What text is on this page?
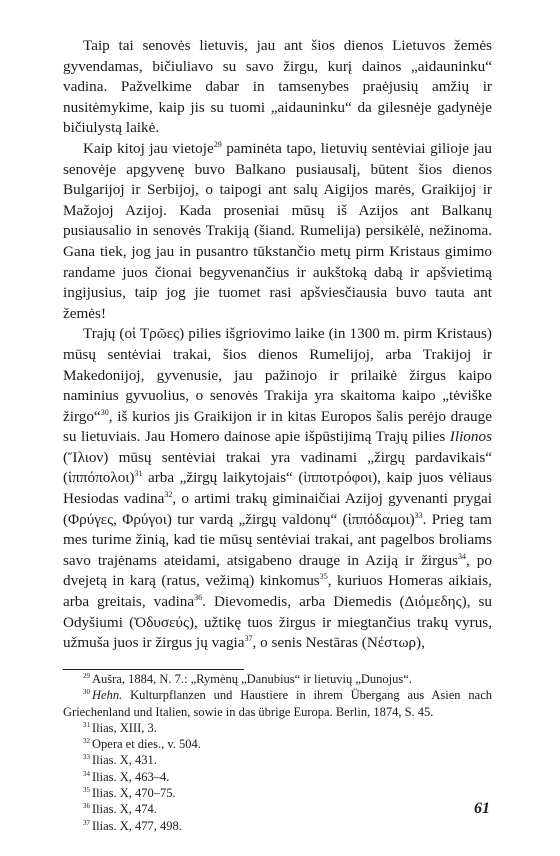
Taip tai senovės lietuvis, jau ant šios dienos Lietuvos žemės gyvendamas, bičiuliavo su savo žirgu, kurį dainos „aidauninku“ vadina. Pažvelkime dabar in tamsenybes praėjusių amžių ir nusitėmykime, kaip jis su tuomi „aidauninku“ da gilesnėje gadynėje bičiulystą laikė.

Kaip kitoj jau vietoje$^{29}$ paminėta tapo, lietuvių sentėviai gilioje jau senovėje apgyvenę buvo Balkano pusiausalį, būtent šios dienos Bulgarijoj ir Serbijoj, o taipogi ant salų Aigijos marės, Graikijoj ir Mažojoj Azijoj. Kada proseniai mūsų iš Azijos ant Balkanų pusiausalio in senovės Trakiją (šiand. Rumelija) persikėlė, nežinoma. Gana tiek, jog jau in pusantro tūkstančio metų pirm Kristaus gimimo randame juos čionai begyvenančius ir aukštoką dabą ir apšvietimą ingijusius, taip jog jie tuomet rasi apšviesčiausia buvo tauta ant žemės!

Trajų (οἱ Τρῶες) pilies išgriovimo laike (in 1300 m. pirm Kristaus) mūsų sentėviai trakai, šios dienos Rumelijoj, arba Trakijoj ir Makedonijoj, gyvenusie, jau pažinojo ir prilaikė žirgus kaipo naminius gyvuolius, o senovės Trakija yra skaitoma kaipo „tėviške žirgo“$^{30}$, iš kurios jis Graikijon ir in kitas Europos šalis perėjo drauge su lietuviais. Jau Homero dainose apie išpūstijimą Trajų pilies Ilionos (Ἴλιον) mūsų sentėviai trakai yra vadinami „žirgų pardavikais“ (ἱππόπολοι)$^{31}$ arba „žirgų laikytojais“ (ἱπποτρόφοι), kaip juos vėliaus Hesiodas vadina$^{32}$, o artimi trakų giminaičiai Azijoj gyvenanti prygai (Φρύγες, Φρύγοι) tur vardą „žirgų valdonų“ (ἱππόδαμοι)$^{33}$. Prieg tam mes turime žinią, kad tie mūsų sentėviai trakai, ant pagelbos broliams savo trajėnams ateidami, atsigabeno drauge in Aziją ir žirgus$^{34}$, po dvejetą in karą (ratus, vežimą) kinkomus$^{35}$, kuriuos Homeras aikiais, arba greitais, vadina$^{36}$. Dievomedis, arba Diemedis (Διόμεδης), su Odyšiumi (Ὀδυσεύς), užtikę tuos žirgus ir miegtančius trakų vyrus, užmuša juos ir žirgus jų vagia$^{37}$, o senis Nestāras (Νέστωρ),

$^{29}$ Aušra, 1884, N. 7.: „Rymėnų „Danubius“ ir lietuvių „Dunojus“.
$^{30}$ Hehn. Kulturpflanzen und Haustiere in ihrem Übergang aus Asien nach Griechenland und Italien, sowie in das übrige Europa. Berlin, 1874, S. 45.
$^{31}$ Ilias, XIII, 3.
$^{32}$ Opera et dies., v. 504.
$^{33}$ Ilias. X, 431.
$^{34}$ Ilias. X, 463–4.
$^{35}$ Ilias. X, 470–75.
$^{36}$ Ilias. X, 474.
$^{37}$ Ilias. X, 477, 498.
61
